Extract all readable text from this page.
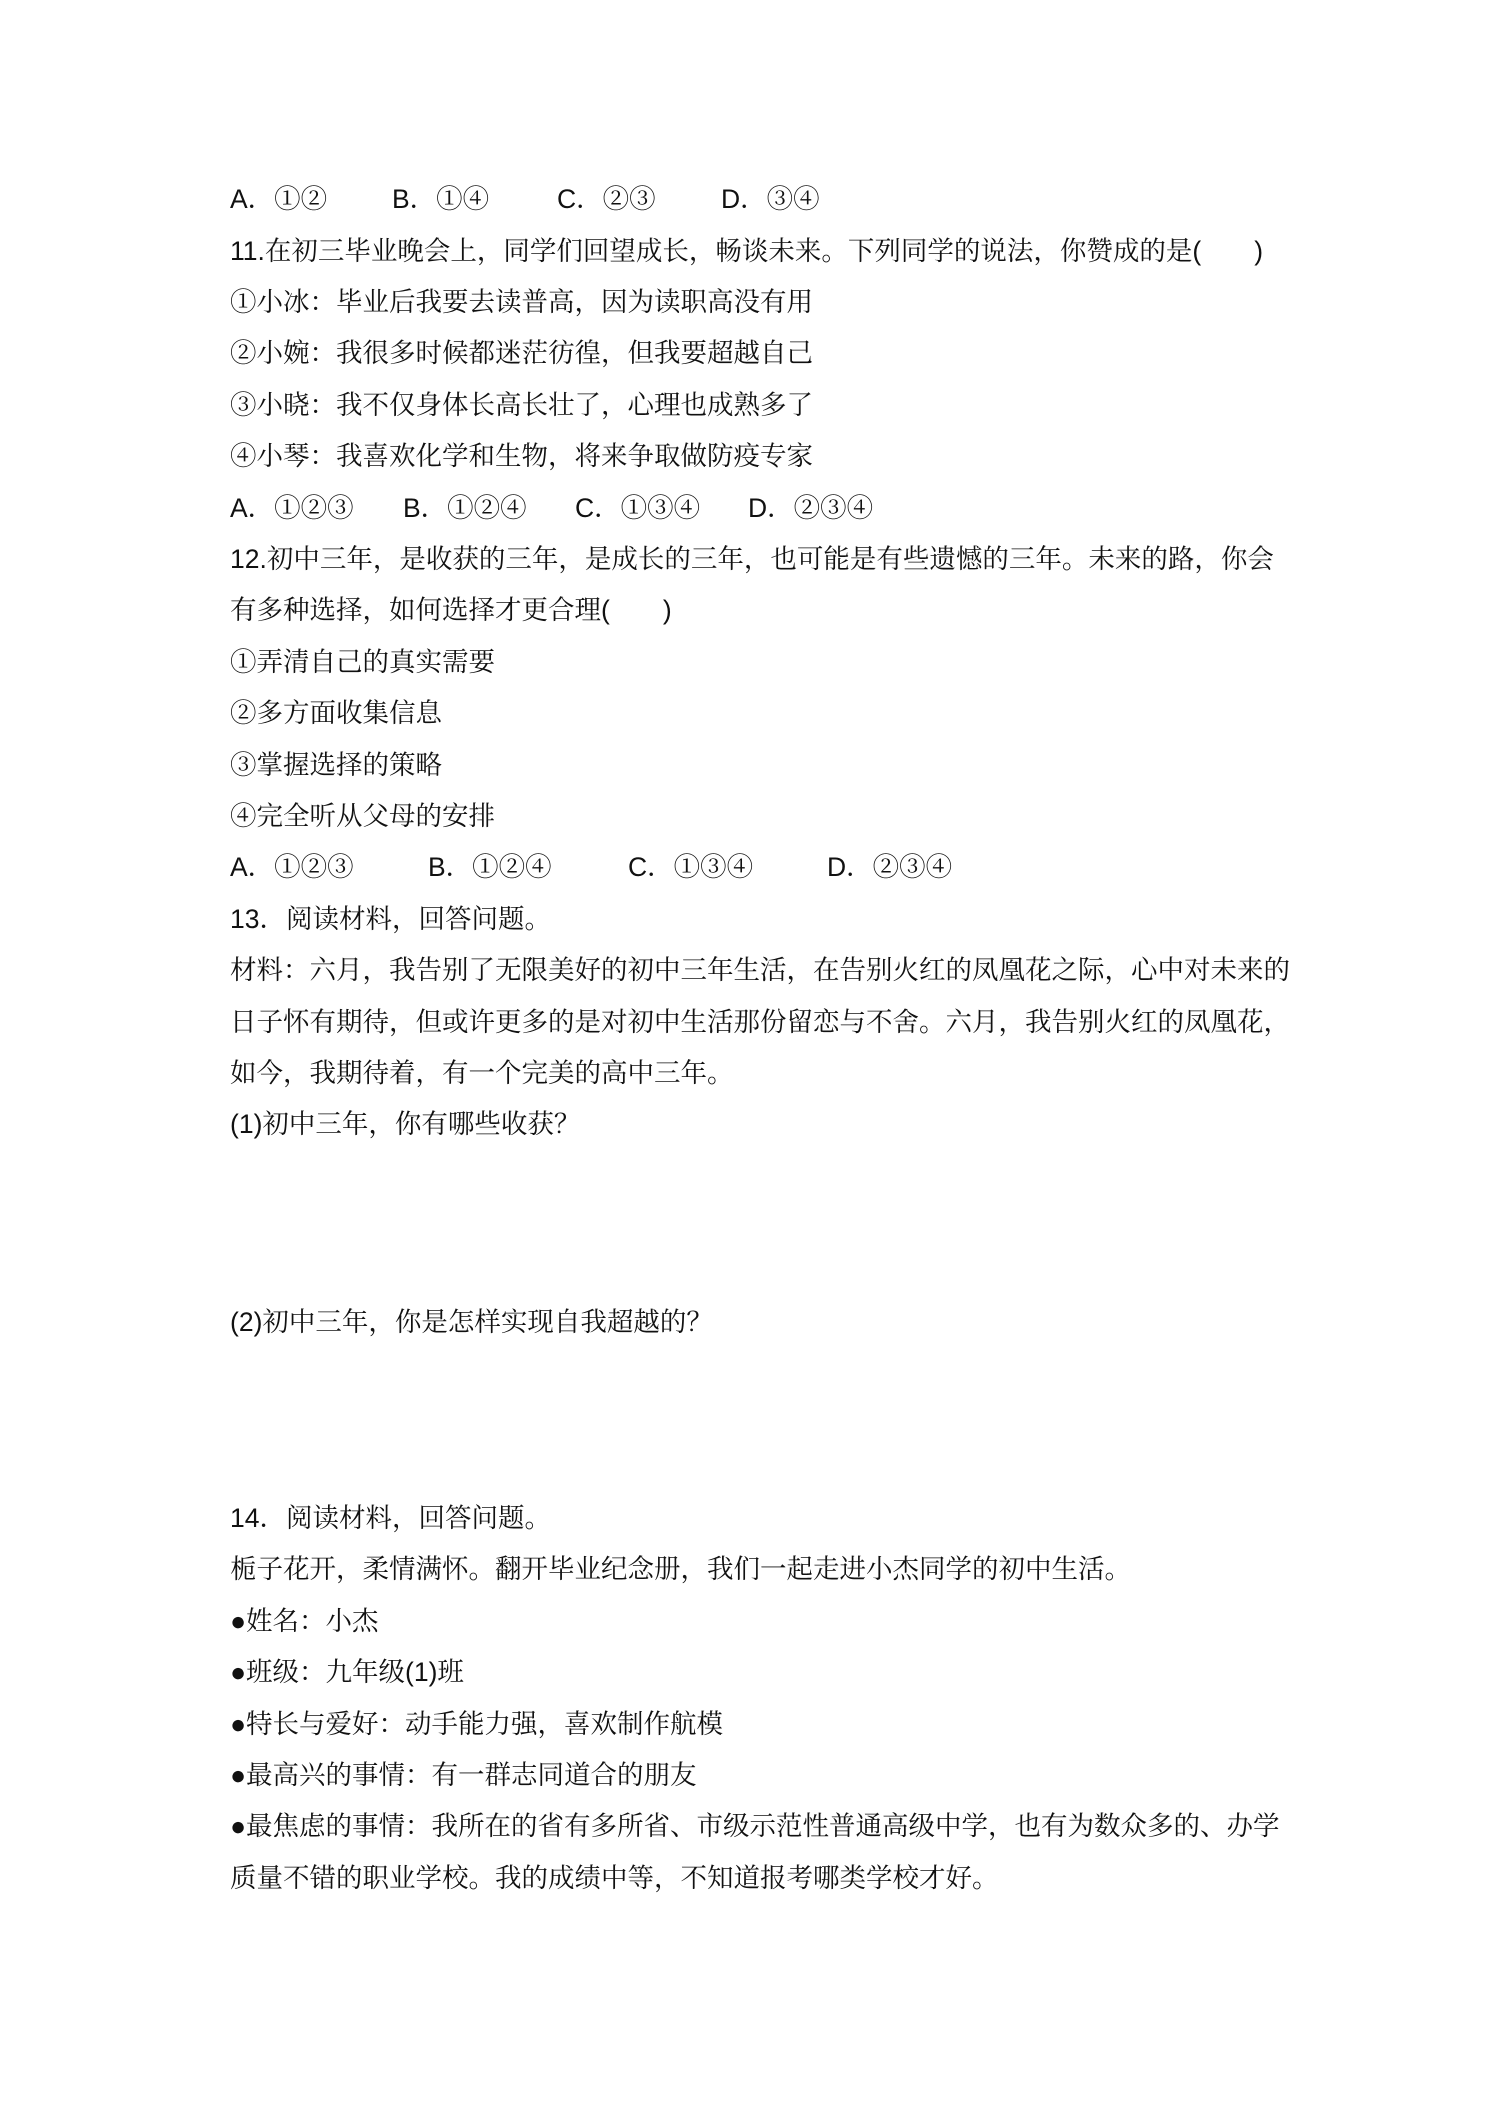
A．①② B．①④	C．②③ D．③④
11.在初三毕业晚会上，同学们回望成长，畅谈未来。下列同学的说法，你赞成的是(　　)
①小冰：毕业后我要去读普高，因为读职高没有用
②小婉：我很多时候都迷茫彷徨，但我要超越自己
③小晓：我不仅身体长高长壮了，心理也成熟多了
④小琴：我喜欢化学和生物，将来争取做防疫专家
A．①②③ B．①②④ C．①③④ D．②③④
12.初中三年，是收获的三年，是成长的三年，也可能是有些遗憾的三年。未来的路，你会
有多种选择，如何选择才更合理(　　)
①弄清自己的真实需要
②多方面收集信息
③掌握选择的策略
④完全听从父母的安排
A．①②③	B．①②④	C．①③④	D．②③④
13．阅读材料，回答问题。
材料：六月，我告别了无限美好的初中三年生活，在告别火红的凤凰花之际，心中对未来的
日子怀有期待，但或许更多的是对初中生活那份留恋与不舍。六月，我告别火红的凤凰花，
如今，我期待着，有一个完美的高中三年。
(1)初中三年，你有哪些收获？
(2)初中三年，你是怎样实现自我超越的？
14．阅读材料，回答问题。
栀子花开，柔情满怀。翻开毕业纪念册，我们一起走进小杰同学的初中生活。
●姓名：小杰
●班级：九年级(1)班
●特长与爱好：动手能力强，喜欢制作航模
●最高兴的事情：有一群志同道合的朋友
●最焦虑的事情：我所在的省有多所省、市级示范性普通高级中学，也有为数众多的、办学
质量不错的职业学校。我的成绩中等，不知道报考哪类学校才好。
